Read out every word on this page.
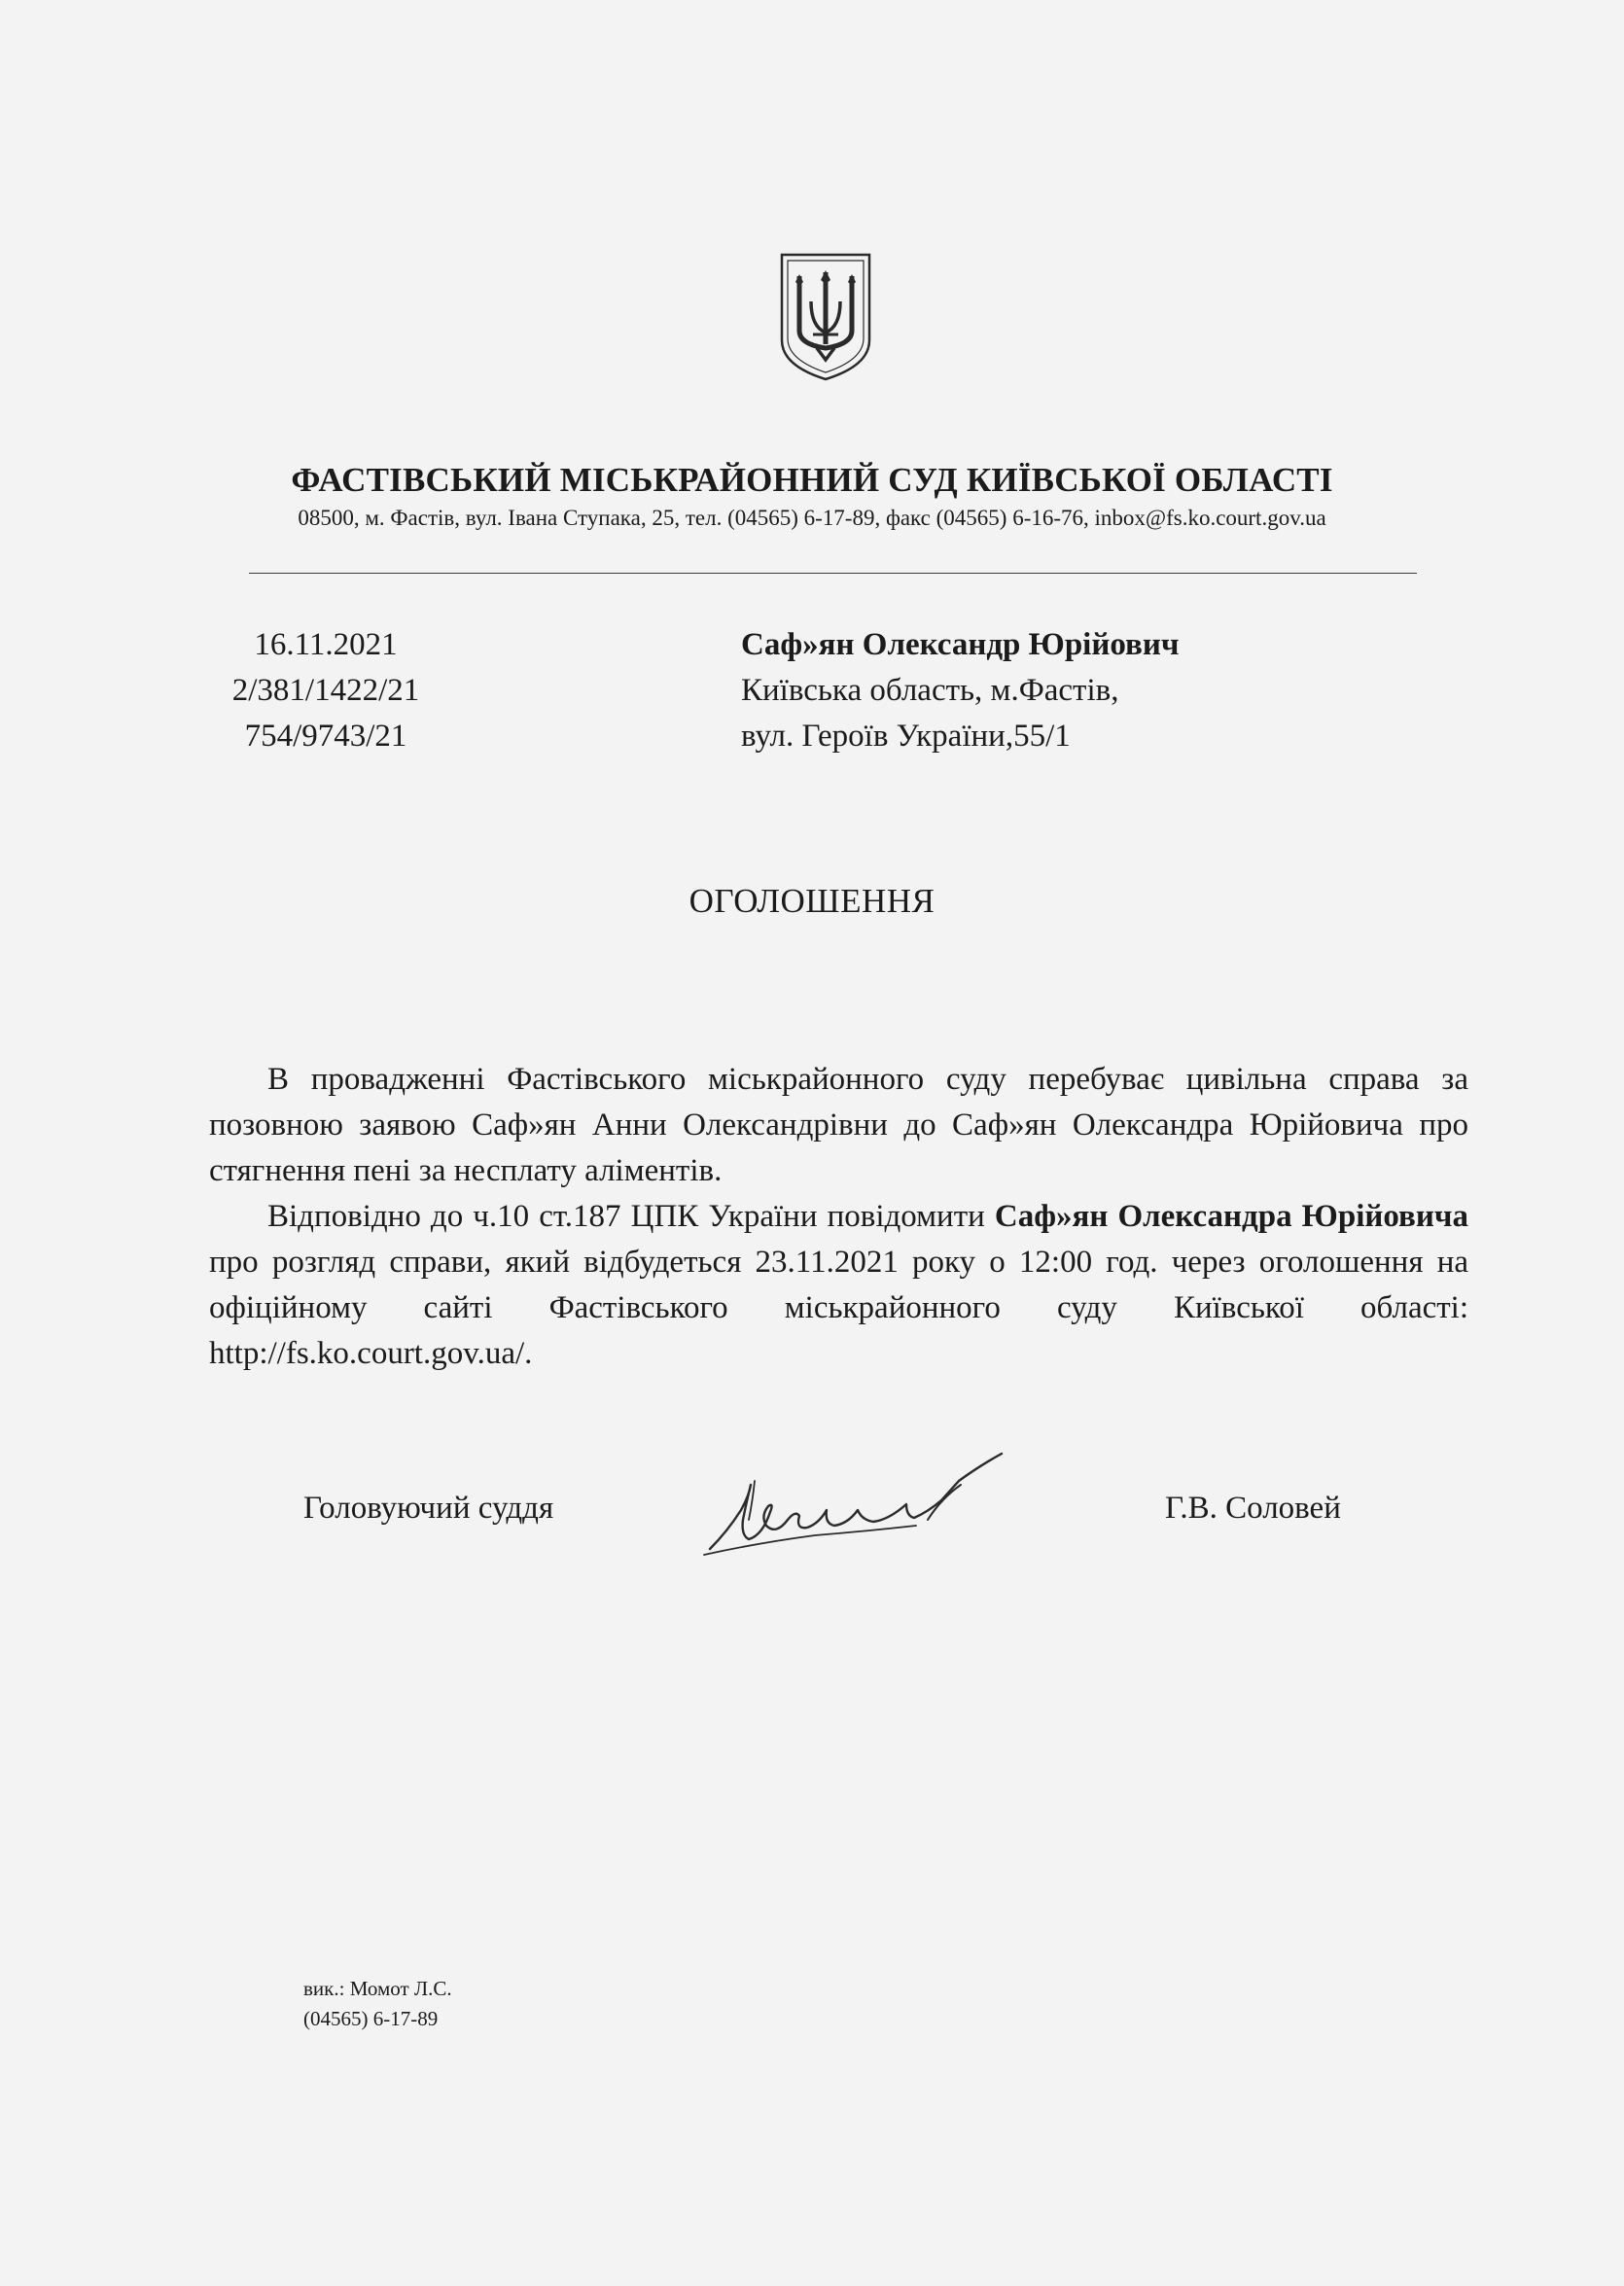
ФАСТІВСЬКИЙ МІСЬКРАЙОННИЙ СУД КИЇВСЬКОЇ ОБЛАСТІ
08500, м. Фастів, вул. Івана Ступака, 25, тел. (04565) 6-17-89, факс (04565) 6-16-76, inbox@fs.ko.court.gov.ua
16.11.2021
2/381/1422/21
754/9743/21
Саф»ян Олександр Юрійович
Київська область, м.Фастів,
вул. Героїв України,55/1
ОГОЛОШЕННЯ

В провадженні Фастівського міськрайонного суду перебуває цивільна справа за позовною заявою Саф»ян Анни Олександрівни до Саф»ян Олександра Юрійовича про стягнення пені за несплату аліментів.

Відповідно до ч.10 ст.187 ЦПК України повідомити Саф»ян Олександра Юрійовича про розгляд справи, який відбудеться 23.11.2021 року о 12:00 год. через оголошення на офіційному сайті Фастівського міськрайонного суду Київської області: http://fs.ko.court.gov.ua/.

Головуючий суддя	Г.В. Соловей
вик.: Момот Л.С.
(04565) 6-17-89
